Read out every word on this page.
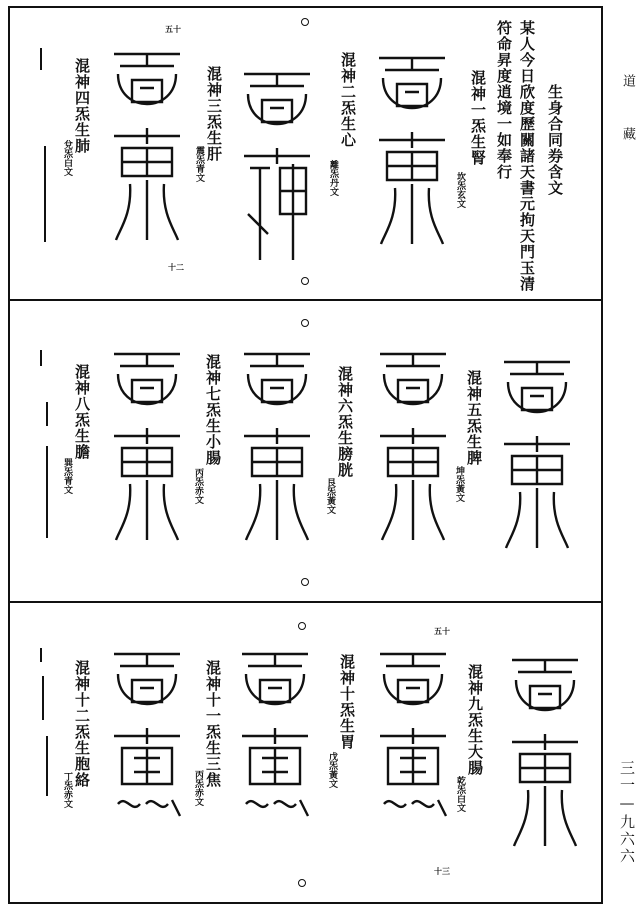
道藏
三一—九六六
生身合同券含文
某人今日欣度歷關諸天書元拘天門玉清
符命昇度逍境一如奉行
混神一炁生腎
坎炁玄文
混神二炁生心
離炁丹文
混神三炁生肝
震炁青文
混神四炁生肺
兌炁白文
五十
十二
混神五炁生脾
坤炁黃文
混神六炁生膀胱
艮炁黃文
混神七炁生小腸
丙炁赤文
混神八炁生膽
巽炁青文
混神九炁生大腸
乾炁白文
混神十炁生胃
戊炁黃文
混神十一炁生三焦
丙炁赤文
混神十二炁生胞絡
丁炁赤文
五十
十三
